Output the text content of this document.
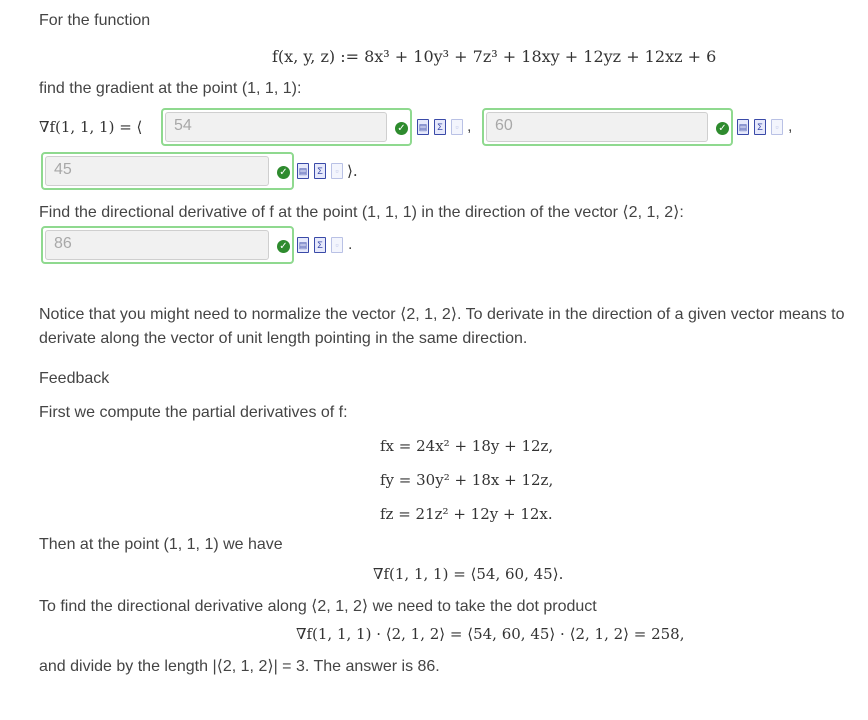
For the function
f(x, y, z) := 8x³ + 10y³ + 7z³ + 18xy + 12yz + 12xz + 6
find the gradient at the point (1, 1, 1):
∇f(1, 1, 1) = ⟨	54	✓ ▤	Σ	▫ ,	60	✓ ▤	Σ	▫ ,
45	✓ ▤	Σ	▫ ⟩.
Find the directional derivative of f at the point (1, 1, 1) in the direction of the vector ⟨2, 1, 2⟩:
86	✓ ▤	Σ	▫ .
Notice that you might need to normalize the vector ⟨2, 1, 2⟩. To derivate in the direction of a given vector means to derivate along the vector of unit length pointing in the same direction.
Feedback
First we compute the partial derivatives of f:
fx = 24x² + 18y + 12z,
fy = 30y² + 18x + 12z,
fz = 21z² + 12y + 12x.
Then at the point (1, 1, 1) we have
∇f(1, 1, 1) = ⟨54, 60, 45⟩.
To find the directional derivative along ⟨2, 1, 2⟩ we need to take the dot product
∇f(1, 1, 1) · ⟨2, 1, 2⟩ = ⟨54, 60, 45⟩ · ⟨2, 1, 2⟩ = 258,
and divide by the length |⟨2, 1, 2⟩| = 3. The answer is 86.
